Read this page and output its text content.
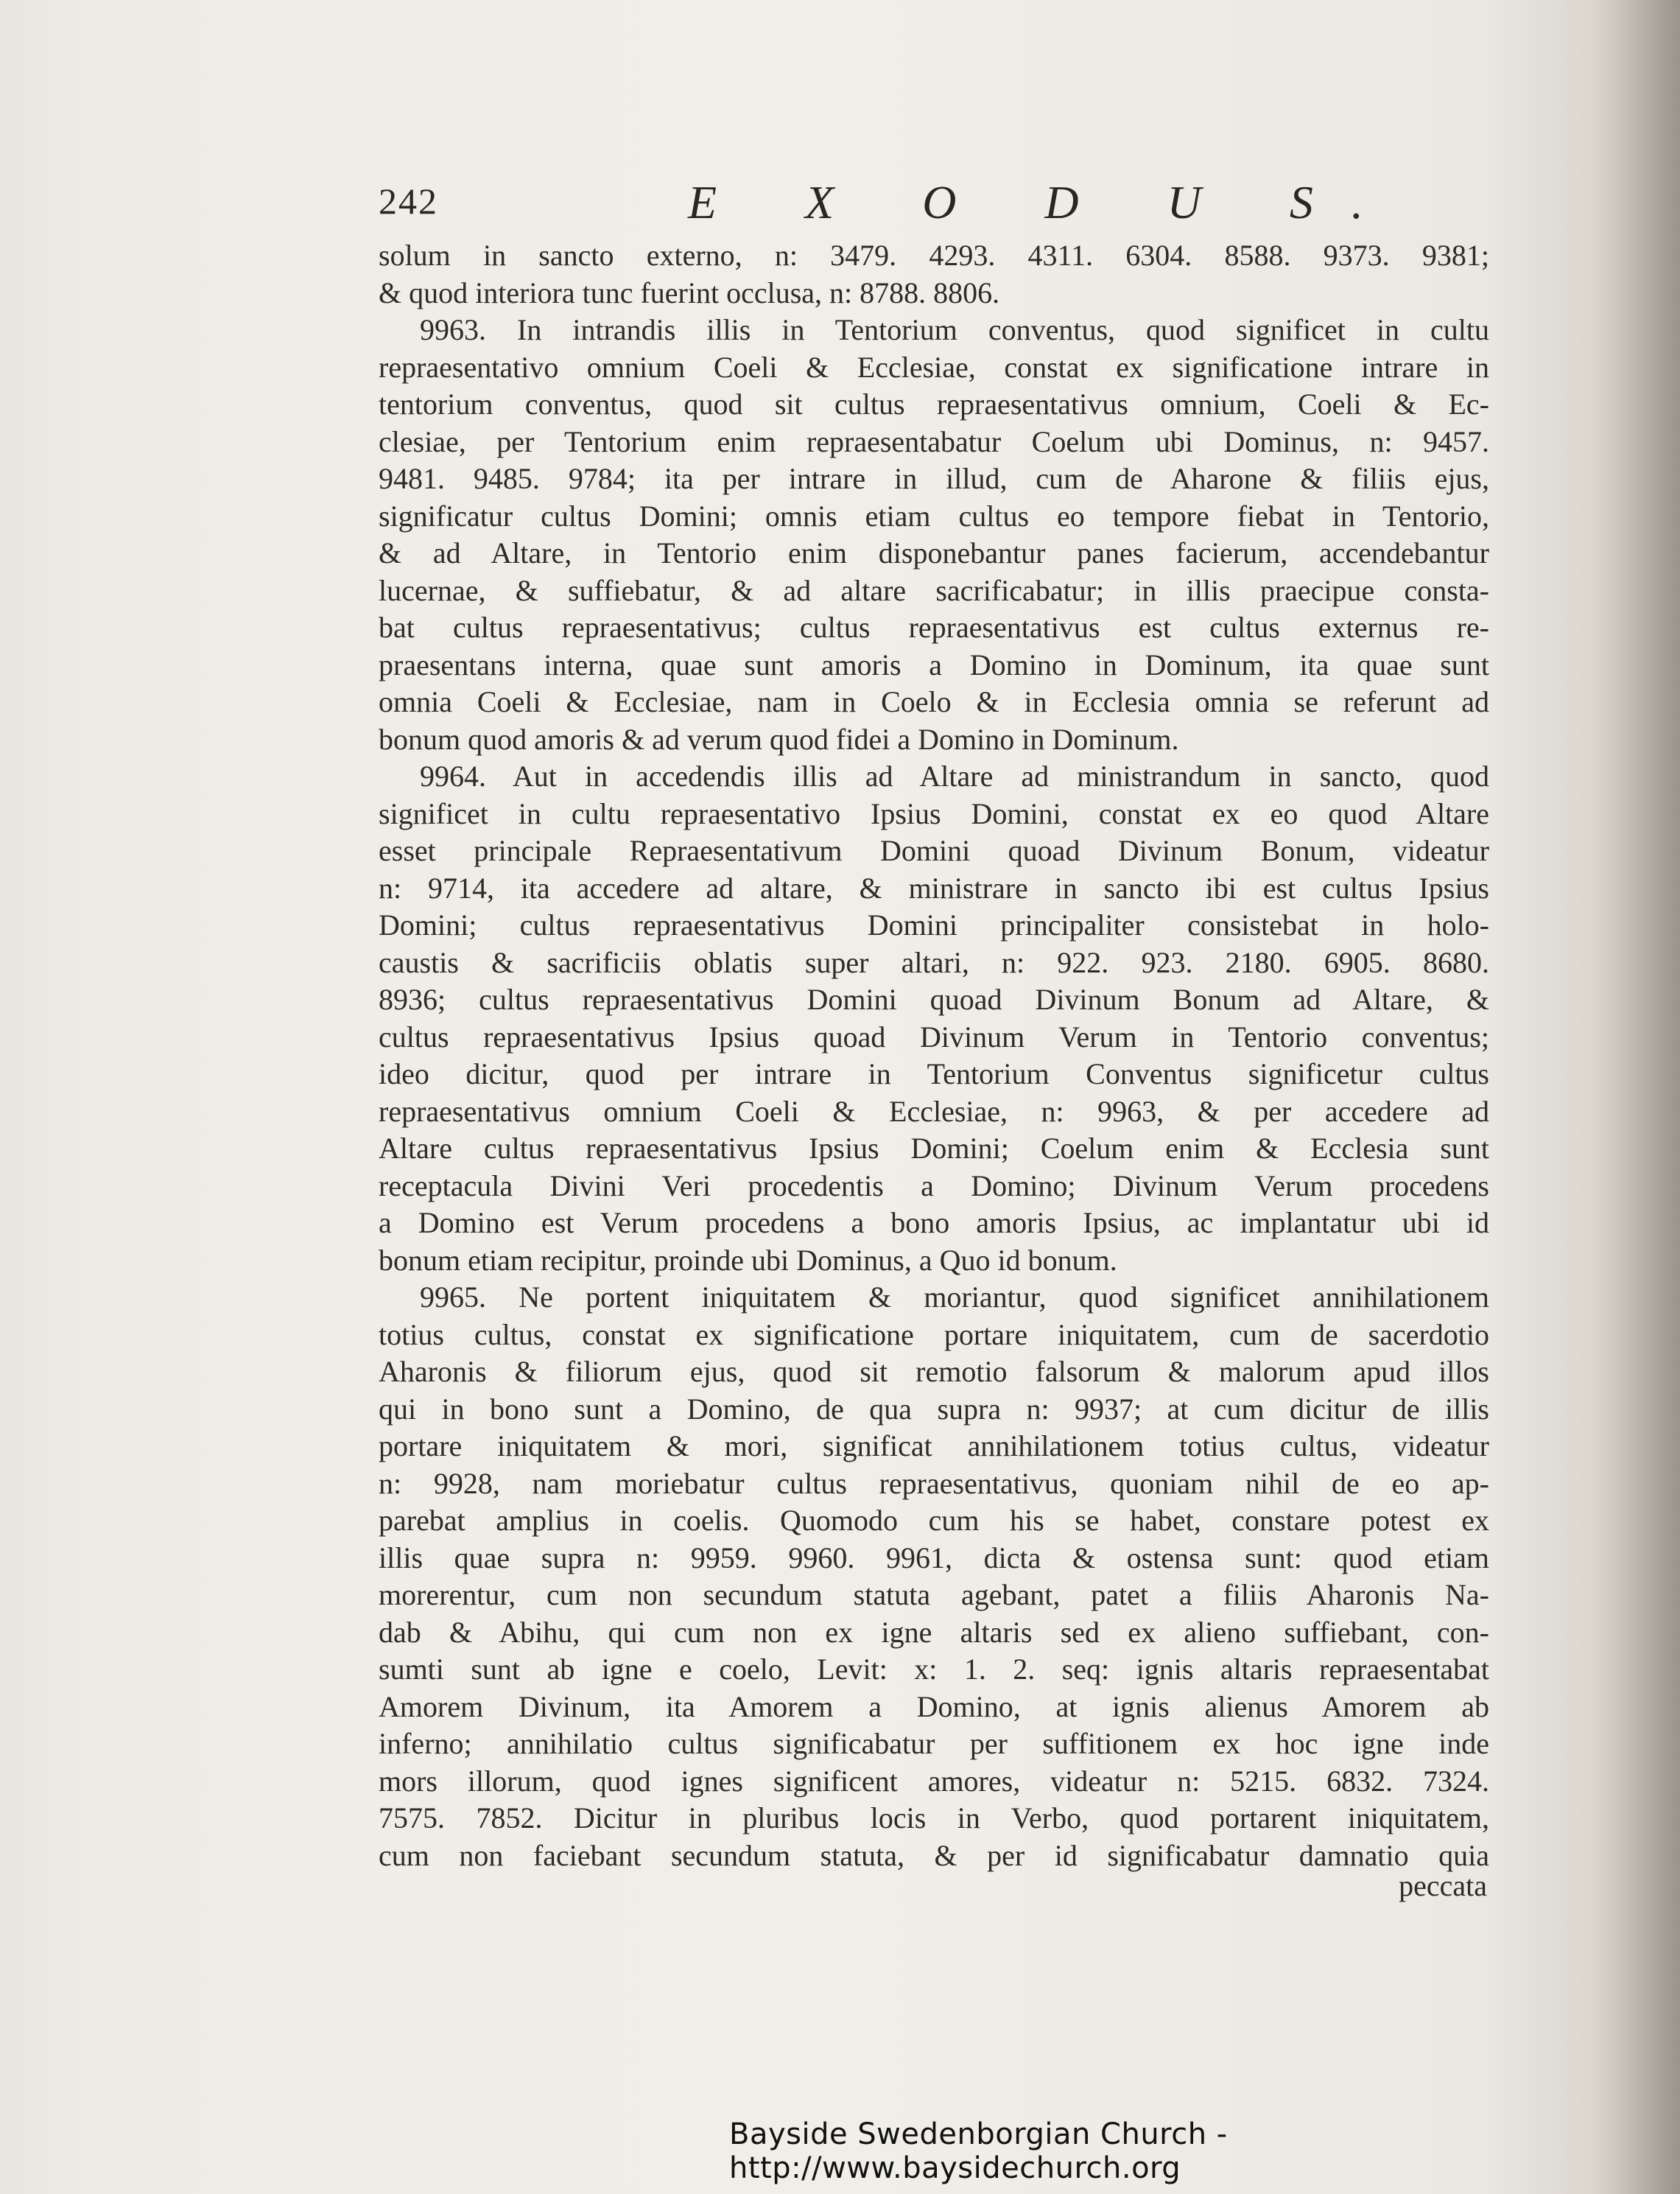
242	E X O D U S.
solum in sancto externo, n: 3479. 4293. 4311. 6304. 8588. 9373. 9381;
& quod interiora tunc fuerint occlusa, n: 8788. 8806.
9963. In intrandis illis in Tentorium conventus, quod significet in cultu
repraesentativo omnium Coeli & Ecclesiae, constat ex significatione intrare in
tentorium conventus, quod sit cultus repraesentativus omnium, Coeli & Ec-
clesiae, per Tentorium enim repraesentabatur Coelum ubi Dominus, n: 9457.
9481. 9485. 9784; ita per intrare in illud, cum de Aharone & filiis ejus,
significatur cultus Domini; omnis etiam cultus eo tempore fiebat in Tentorio,
& ad Altare, in Tentorio enim disponebantur panes facierum, accendebantur
lucernae, & suffiebatur, & ad altare sacrificabatur; in illis praecipue consta-
bat cultus repraesentativus; cultus repraesentativus est cultus externus re-
praesentans interna, quae sunt amoris a Domino in Dominum, ita quae sunt
omnia Coeli & Ecclesiae, nam in Coelo & in Ecclesia omnia se referunt ad
bonum quod amoris & ad verum quod fidei a Domino in Dominum.
9964. Aut in accedendis illis ad Altare ad ministrandum in sancto, quod
significet in cultu repraesentativo Ipsius Domini, constat ex eo quod Altare
esset principale Repraesentativum Domini quoad Divinum Bonum, videatur
n: 9714, ita accedere ad altare, & ministrare in sancto ibi est cultus Ipsius
Domini; cultus repraesentativus Domini principaliter consistebat in holo-
caustis & sacrificiis oblatis super altari, n: 922. 923. 2180. 6905. 8680.
8936; cultus repraesentativus Domini quoad Divinum Bonum ad Altare, &
cultus repraesentativus Ipsius quoad Divinum Verum in Tentorio conventus;
ideo dicitur, quod per intrare in Tentorium Conventus significetur cultus
repraesentativus omnium Coeli & Ecclesiae, n: 9963, & per accedere ad
Altare cultus repraesentativus Ipsius Domini; Coelum enim & Ecclesia sunt
receptacula Divini Veri procedentis a Domino; Divinum Verum procedens
a Domino est Verum procedens a bono amoris Ipsius, ac implantatur ubi id
bonum etiam recipitur, proinde ubi Dominus, a Quo id bonum.
9965. Ne portent iniquitatem & moriantur, quod significet annihilationem
totius cultus, constat ex significatione portare iniquitatem, cum de sacerdotio
Aharonis & filiorum ejus, quod sit remotio falsorum & malorum apud illos
qui in bono sunt a Domino, de qua supra n: 9937; at cum dicitur de illis
portare iniquitatem & mori, significat annihilationem totius cultus, videatur
n: 9928, nam moriebatur cultus repraesentativus, quoniam nihil de eo ap-
parebat amplius in coelis. Quomodo cum his se habet, constare potest ex
illis quae supra n: 9959. 9960. 9961, dicta & ostensa sunt: quod etiam
morerentur, cum non secundum statuta agebant, patet a filiis Aharonis Na-
dab & Abihu, qui cum non ex igne altaris sed ex alieno suffiebant, con-
sumti sunt ab igne e coelo, Levit: x: 1. 2. seq: ignis altaris repraesentabat
Amorem Divinum, ita Amorem a Domino, at ignis alienus Amorem ab
inferno; annihilatio cultus significabatur per suffitionem ex hoc igne inde
mors illorum, quod ignes significent amores, videatur n: 5215. 6832. 7324.
7575. 7852. Dicitur in pluribus locis in Verbo, quod portarent iniquitatem,
cum non faciebant secundum statuta, & per id significabatur damnatio quia
peccata
Bayside Swedenborgian Church - http://www.baysidechurch.org
